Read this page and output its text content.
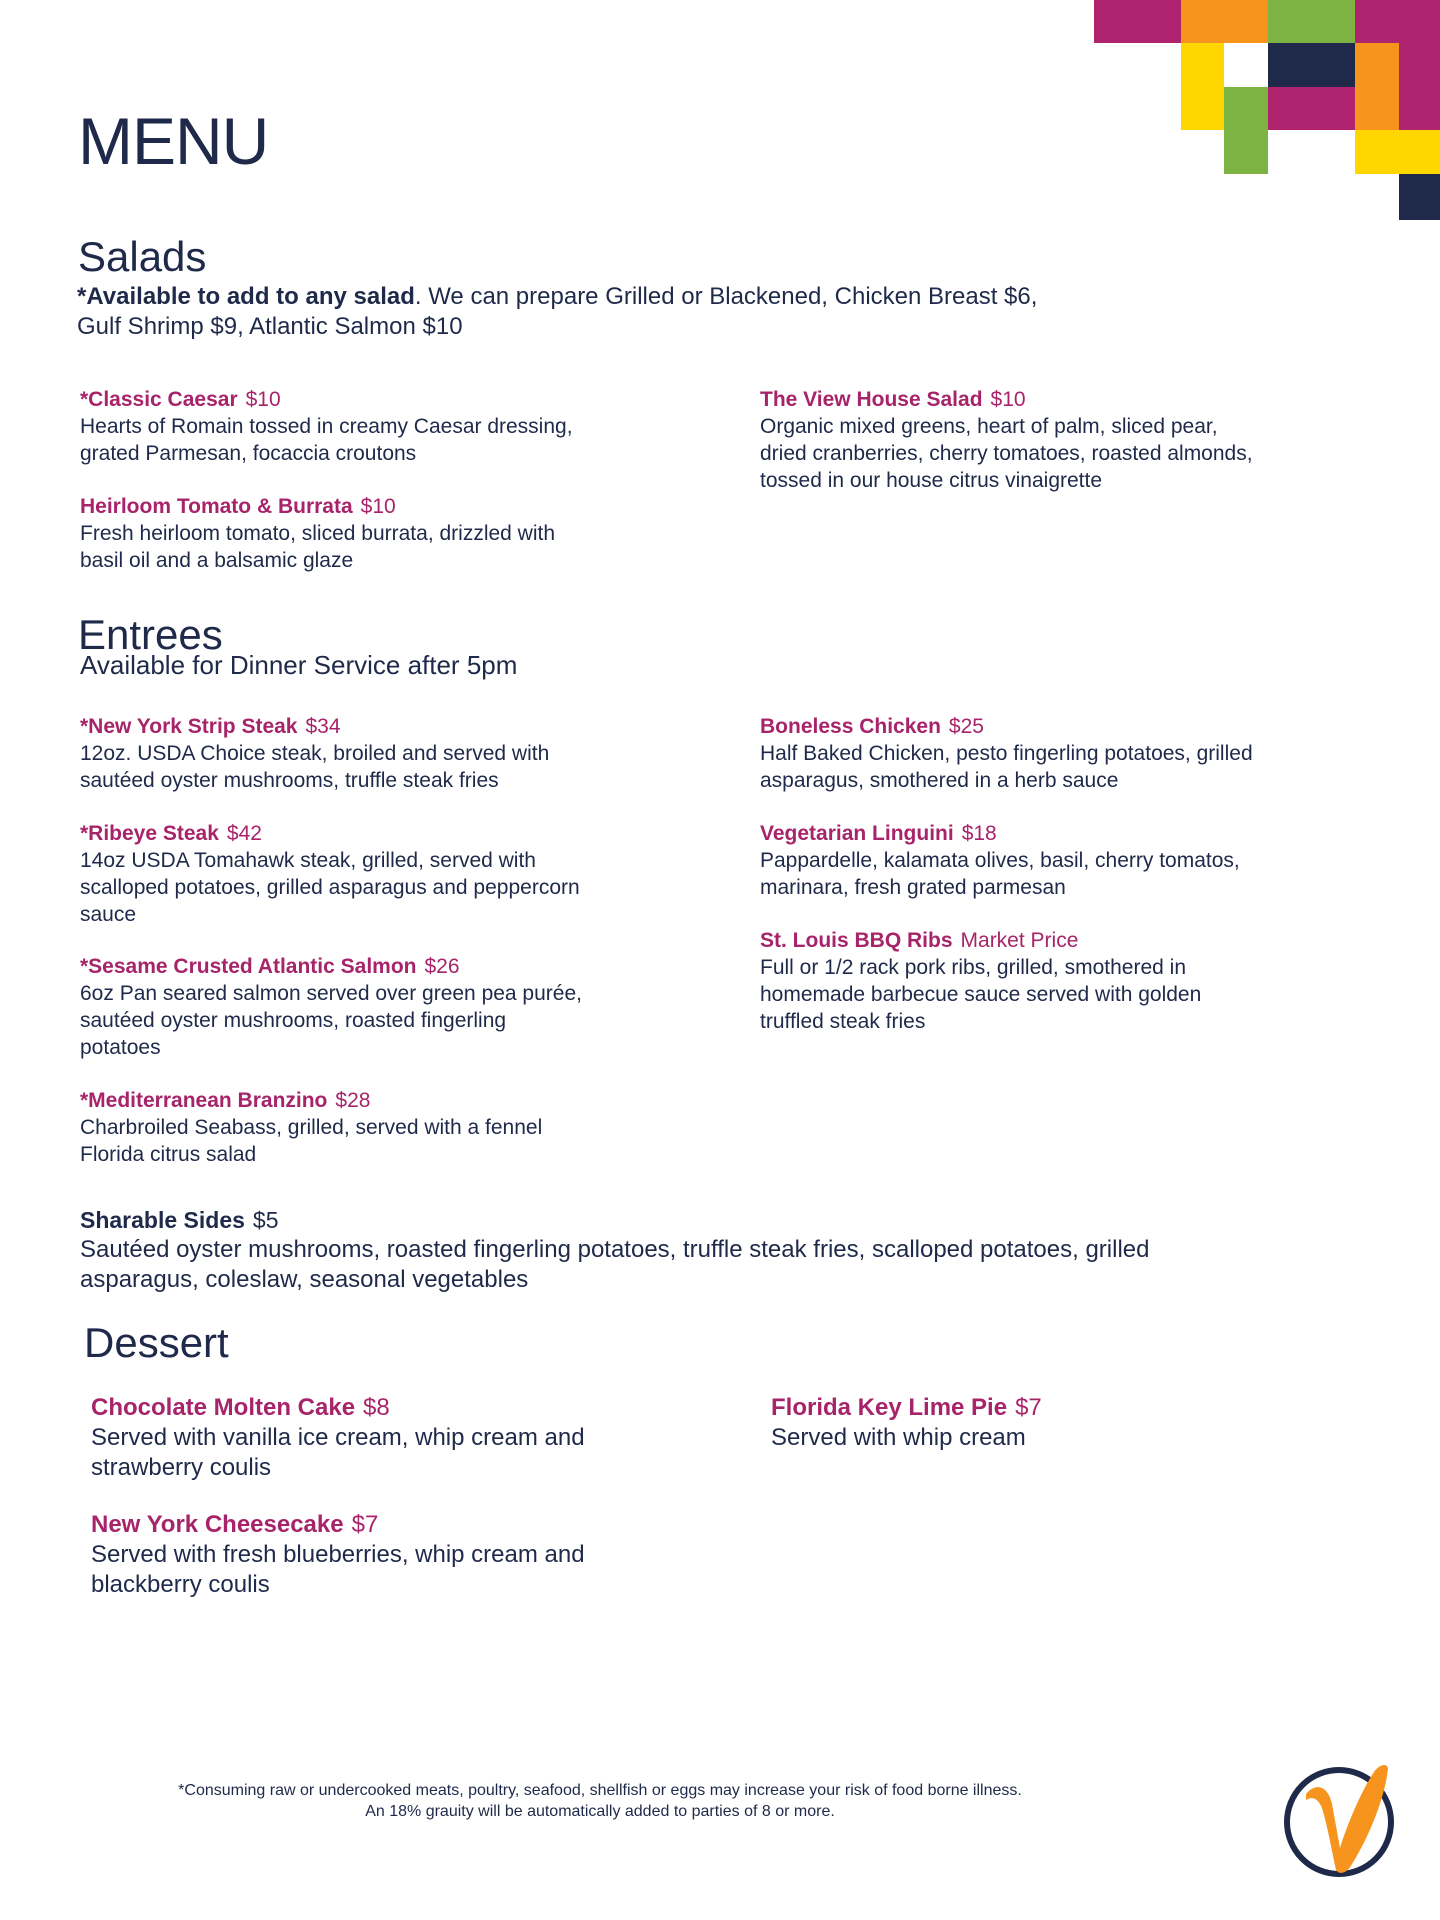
MENU
Salads
*Available to add to any salad. We can prepare Grilled or Blackened, Chicken Breast $6,
Gulf Shrimp $9, Atlantic Salmon $10
*Classic Caesar $10
Hearts of Romain tossed in creamy Caesar dressing,
grated Parmesan, focaccia croutons
Heirloom Tomato & Burrata $10
Fresh heirloom tomato, sliced burrata, drizzled with
basil oil and a balsamic glaze
The View House Salad $10
Organic mixed greens, heart of palm, sliced pear,
dried cranberries, cherry tomatoes, roasted almonds,
tossed in our house citrus vinaigrette
Entrees
Available for Dinner Service after 5pm
*New York Strip Steak $34
12oz. USDA Choice steak, broiled and served with
sautéed oyster mushrooms, truffle steak fries
*Ribeye Steak $42
14oz USDA Tomahawk steak, grilled, served with
scalloped potatoes, grilled asparagus and peppercorn
sauce
*Sesame Crusted Atlantic Salmon $26
6oz Pan seared salmon served over green pea purée,
sautéed oyster mushrooms, roasted fingerling
potatoes
*Mediterranean Branzino $28
Charbroiled Seabass, grilled, served with a fennel
Florida citrus salad
Boneless Chicken $25
Half Baked Chicken, pesto fingerling potatoes, grilled
asparagus, smothered in a herb sauce
Vegetarian Linguini $18
Pappardelle, kalamata olives, basil, cherry tomatos,
marinara, fresh grated parmesan
St. Louis BBQ Ribs Market Price
Full or 1/2 rack pork ribs, grilled, smothered in
homemade barbecue sauce served with golden
truffled steak fries
Sharable Sides $5
Sautéed oyster mushrooms, roasted fingerling potatoes, truffle steak fries, scalloped potatoes, grilled
asparagus, coleslaw, seasonal vegetables
Dessert
Chocolate Molten Cake $8
Served with vanilla ice cream, whip cream and
strawberry coulis
New York Cheesecake $7
Served with fresh blueberries, whip cream and
blackberry coulis
Florida Key Lime Pie $7
Served with whip cream
*Consuming raw or undercooked meats, poultry, seafood, shellfish or eggs may increase your risk of food borne illness.
An 18% grauity will be automatically added to parties of 8 or more.
